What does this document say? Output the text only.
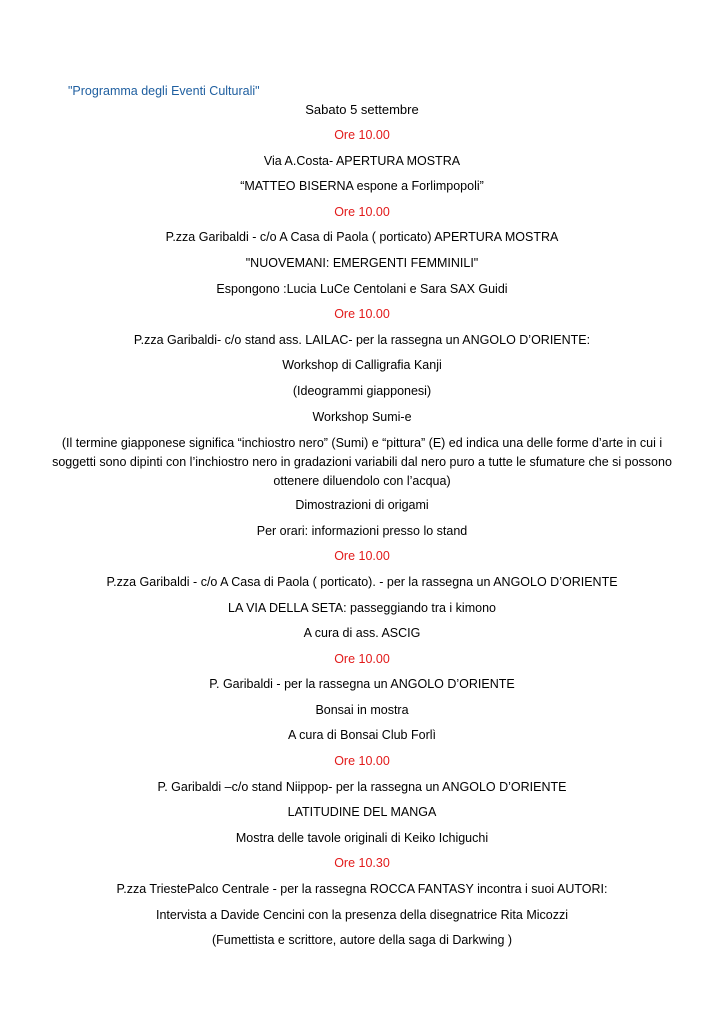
"Programma degli Eventi Culturali"
Sabato 5 settembre
Ore 10.00
Via A.Costa- APERTURA MOSTRA
“MATTEO BISERNA espone a Forlimpopoli”
Ore 10.00
P.zza Garibaldi - c/o A Casa di Paola ( porticato) APERTURA MOSTRA
"NUOVEMANI: EMERGENTI FEMMINILI"
Espongono :Lucia LuCe Centolani e Sara SAX Guidi
Ore 10.00
P.zza Garibaldi- c/o stand ass. LAILAC- per la rassegna un ANGOLO D’ORIENTE:
Workshop di Calligrafia Kanji
(Ideogrammi giapponesi)
Workshop Sumi-e
(Il termine giapponese significa “inchiostro nero” (Sumi) e “pittura” (E) ed indica una delle forme d’arte in cui i soggetti sono dipinti con l’inchiostro nero in gradazioni variabili dal nero puro a tutte le sfumature che si possono ottenere diluendolo con l’acqua)
Dimostrazioni di origami
Per orari: informazioni presso lo stand
Ore 10.00
P.zza Garibaldi - c/o A Casa di Paola ( porticato). - per la rassegna un ANGOLO D’ORIENTE
LA VIA DELLA SETA: passeggiando tra i kimono
A cura di ass. ASCIG
Ore 10.00
P. Garibaldi - per la rassegna un ANGOLO D’ORIENTE
Bonsai in mostra
A cura di Bonsai Club Forlì
Ore 10.00
P. Garibaldi –c/o stand Niippop- per la rassegna un ANGOLO D’ORIENTE
LATITUDINE DEL MANGA
Mostra delle tavole originali di Keiko Ichiguchi
Ore 10.30
P.zza TriestePalco Centrale - per la rassegna ROCCA FANTASY incontra i suoi AUTORI:
Intervista a Davide Cencini con la presenza della disegnatrice Rita Micozzi
(Fumettista e scrittore, autore della saga di Darkwing )
